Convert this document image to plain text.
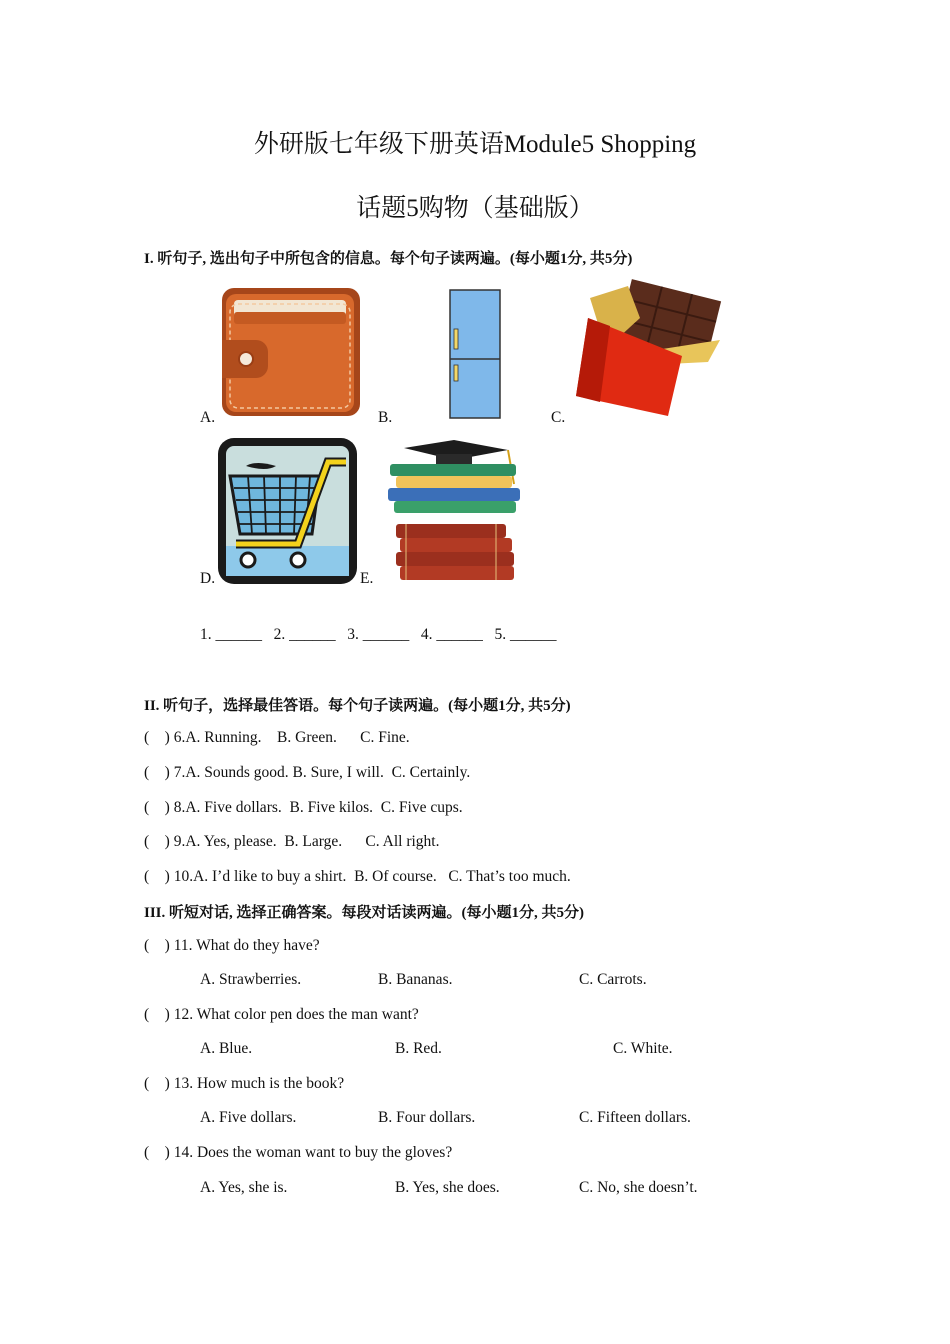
外研版七年级下册英语Module5 Shopping
话题5购物（基础版）
I. 听句子, 选出句子中所包含的信息。每个句子读两遍。(每小题1分, 共5分)
A.	B.	C.
D.	E.
1. ______   2. ______   3. ______   4. ______   5. ______
II. 听句子，选择最佳答语。每个句子读两遍。(每小题1分, 共5分)
(    ) 6.A. Running.    B. Green.      C. Fine.
(    ) 7.A. Sounds good. B. Sure, I will.  C. Certainly.
(    ) 8.A. Five dollars.  B. Five kilos.  C. Five cups.
(    ) 9.A. Yes, please.  B. Large.      C. All right.
(    ) 10.A. I’d like to buy a shirt.  B. Of course.   C. That’s too much.
III. 听短对话, 选择正确答案。每段对话读两遍。(每小题1分, 共5分)
(    ) 11. What do they have?
A. Strawberries.	B. Bananas.	C. Carrots.
(    ) 12. What color pen does the man want?
A. Blue.	B. Red.	C. White.
(    ) 13. How much is the book?
A. Five dollars.	B. Four dollars.	C. Fifteen dollars.
(    ) 14. Does the woman want to buy the gloves?
A. Yes, she is.	B. Yes, she does.	C. No, she doesn’t.
